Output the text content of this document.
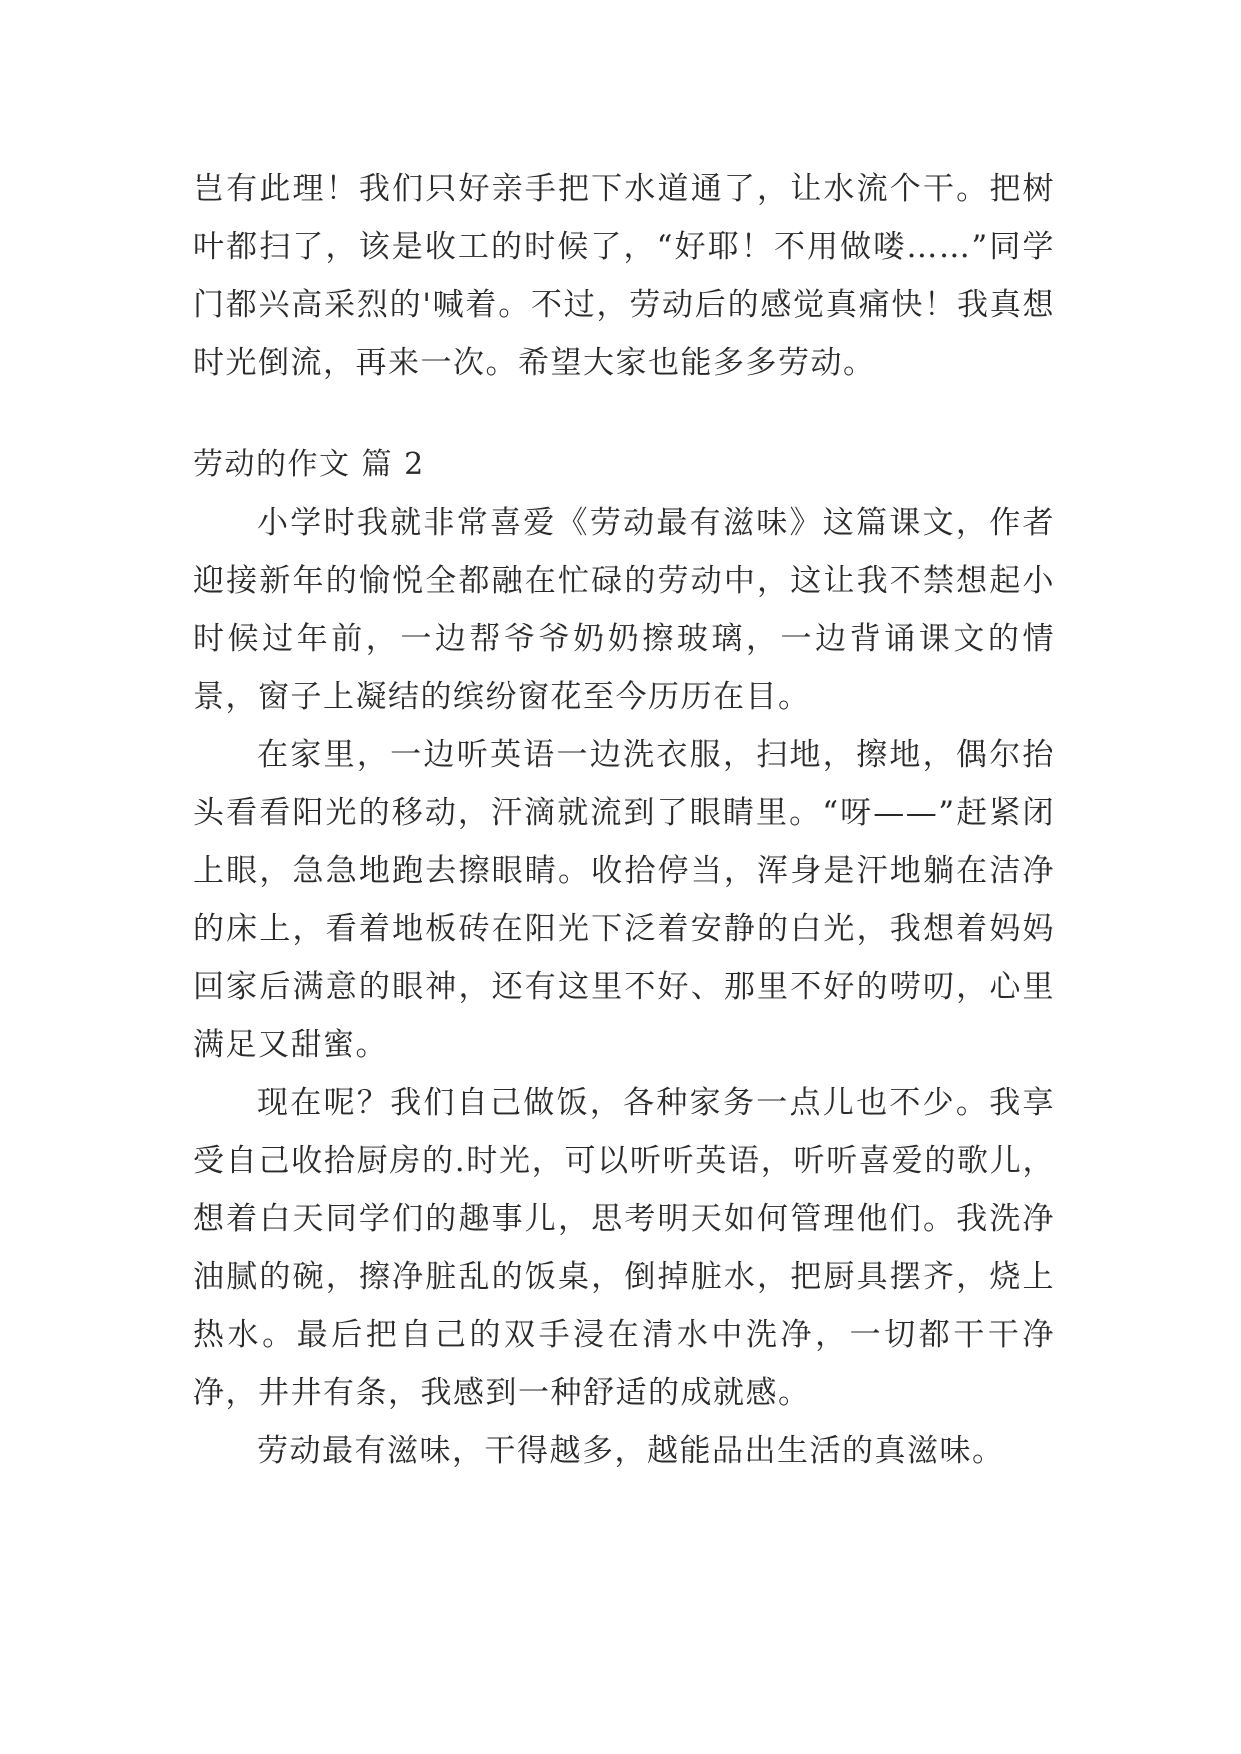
岂有此理！我们只好亲手把下水道通了，让水流个干。把树叶都扫了，该是收工的时候了，“好耶！不用做喽……”同学门都兴高采烈的'喊着。不过，劳动后的感觉真痛快！我真想时光倒流，再来一次。希望大家也能多多劳动。

劳动的作文 篇 2

小学时我就非常喜爱《劳动最有滋味》这篇课文，作者迎接新年的愉悦全都融在忙碌的劳动中，这让我不禁想起小时候过年前，一边帮爷爷奶奶擦玻璃，一边背诵课文的情景，窗子上凝结的缤纷窗花至今历历在目。

在家里，一边听英语一边洗衣服，扫地，擦地，偶尔抬头看看阳光的移动，汗滴就流到了眼睛里。“呀——”赶紧闭上眼，急急地跑去擦眼睛。收拾停当，浑身是汗地躺在洁净的床上，看着地板砖在阳光下泛着安静的白光，我想着妈妈回家后满意的眼神，还有这里不好、那里不好的唠叨，心里满足又甜蜜。

现在呢？我们自己做饭，各种家务一点儿也不少。我享受自己收拾厨房的.时光，可以听听英语，听听喜爱的歌儿，想着白天同学们的趣事儿，思考明天如何管理他们。我洗净油腻的碗，擦净脏乱的饭桌，倒掉脏水，把厨具摆齐，烧上热水。最后把自己的双手浸在清水中洗净，一切都干干净净，井井有条，我感到一种舒适的成就感。

劳动最有滋味，干得越多，越能品出生活的真滋味。
